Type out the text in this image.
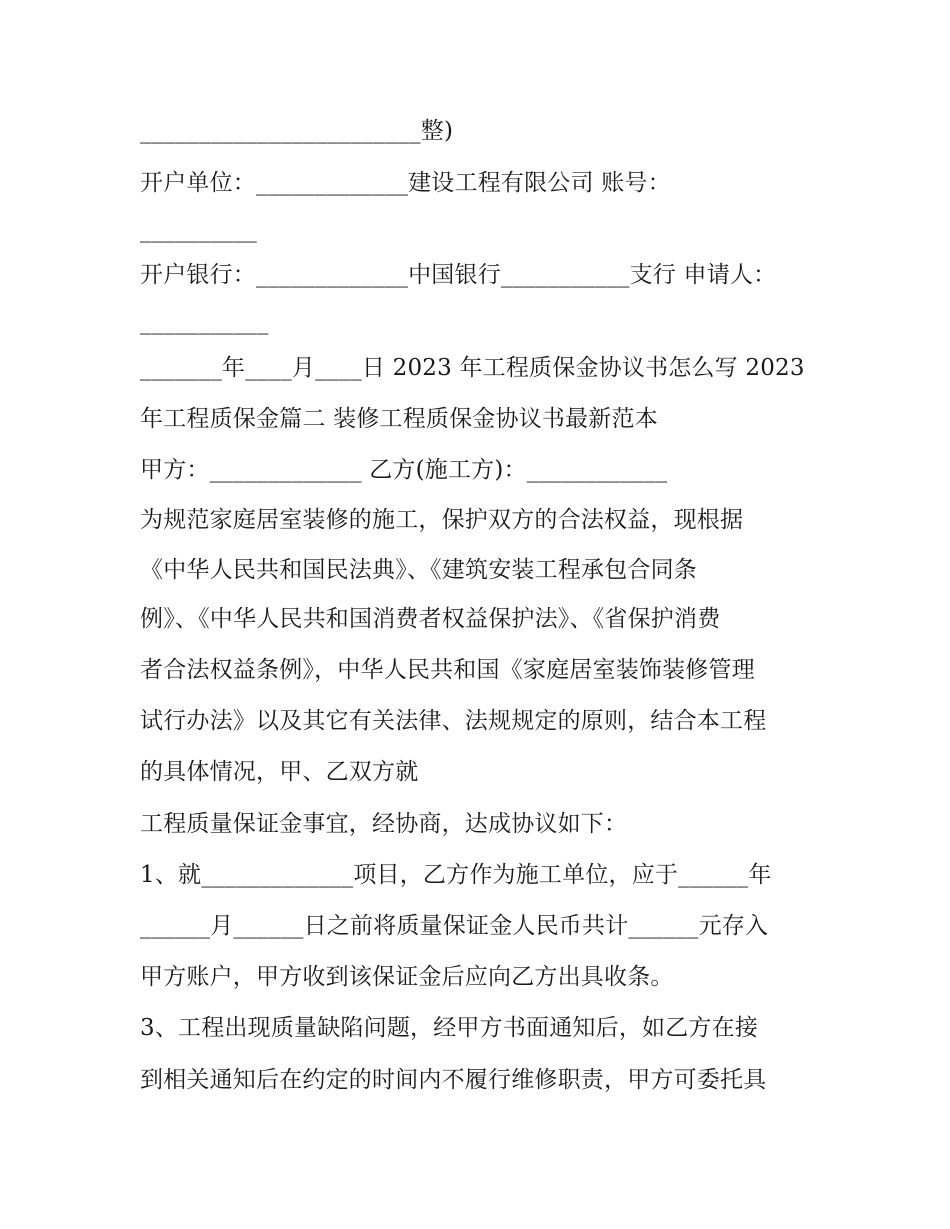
________________________整)
开户单位：_____________建设工程有限公司 账号：
__________
开户银行：_____________中国银行___________支行 申请人：
___________
_______年____月____日 2023 年工程质保金协议书怎么写 2023
年工程质保金篇二 装修工程质保金协议书最新范本
甲方：_____________ 乙方(施工方)：____________
为规范家庭居室装修的施工，保护双方的合法权益，现根据
《中华人民共和国民法典》、《建筑安装工程承包合同条
例》、《中华人民共和国消费者权益保护法》、《省保护消费
者合法权益条例》，中华人民共和国《家庭居室装饰装修管理
试行办法》以及其它有关法律、法规规定的原则，结合本工程
的具体情况，甲、乙双方就
工程质量保证金事宜，经协商，达成协议如下：
1、就_____________项目，乙方作为施工单位，应于______年
______月______日之前将质量保证金人民币共计______元存入
甲方账户，甲方收到该保证金后应向乙方出具收条。
3、工程出现质量缺陷问题，经甲方书面通知后，如乙方在接
到相关通知后在约定的时间内不履行维修职责，甲方可委托具
